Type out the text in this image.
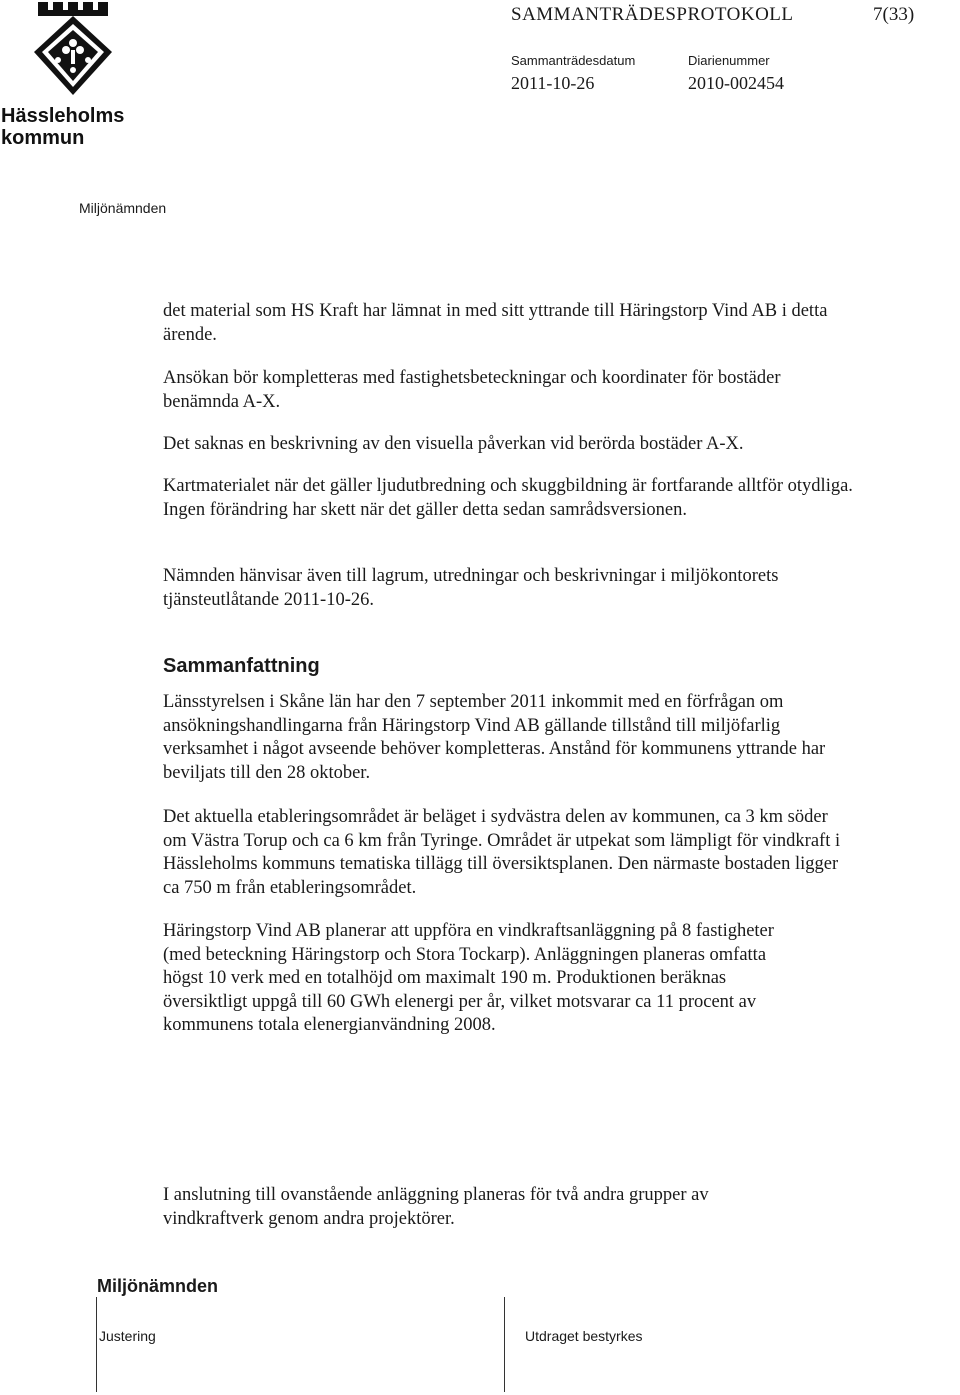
Hässleholms kommun
SAMMANTRÄDESPROTOKOLL	7(33)
Sammanträdesdatum	Diarienummer
2011-10-26	2010-002454
Miljönämnden

det material som HS Kraft har lämnat in med sitt yttrande till Häringstorp Vind AB i detta ärende.

Ansökan bör kompletteras med fastighetsbeteckningar och koordinater för bostäder benämnda A-X.

Det saknas en beskrivning av den visuella påverkan vid berörda bostäder A-X.

Kartmaterialet när det gäller ljudutbredning och skuggbildning är fortfarande alltför otydliga. Ingen förändring har skett när det gäller detta sedan samrådsversionen.

Nämnden hänvisar även till lagrum, utredningar och beskrivningar i miljökontorets tjänsteutlåtande 2011-10-26.

Sammanfattning

Länsstyrelsen i Skåne län har den 7 september 2011 inkommit med en förfrågan om ansökningshandlingarna från Häringstorp Vind AB gällande tillstånd till miljöfarlig verksamhet i något avseende behöver kompletteras. Anstånd för kommunens yttrande har beviljats till den 28 oktober.

Det aktuella etableringsområdet är beläget i sydvästra delen av kommunen, ca 3 km söder om Västra Torup och ca 6 km från Tyringe. Området är utpekat som lämpligt för vindkraft i Hässleholms kommuns tematiska tillägg till översiktsplanen. Den närmaste bostaden ligger ca 750 m från etableringsområdet.

Häringstorp Vind AB planerar att uppföra en vindkraftsanläggning på 8 fastigheter (med beteckning Häringstorp och Stora Tockarp). Anläggningen planeras omfatta högst 10 verk med en totalhöjd om maximalt 190 m. Produktionen beräknas översiktligt uppgå till 60 GWh elenergi per år, vilket motsvarar ca 11 procent av kommunens totala elenergianvändning 2008.

I anslutning till ovanstående anläggning planeras för två andra grupper av vindkraftverk genom andra projektörer.

Miljönämnden
Justering	Utdraget bestyrkes
